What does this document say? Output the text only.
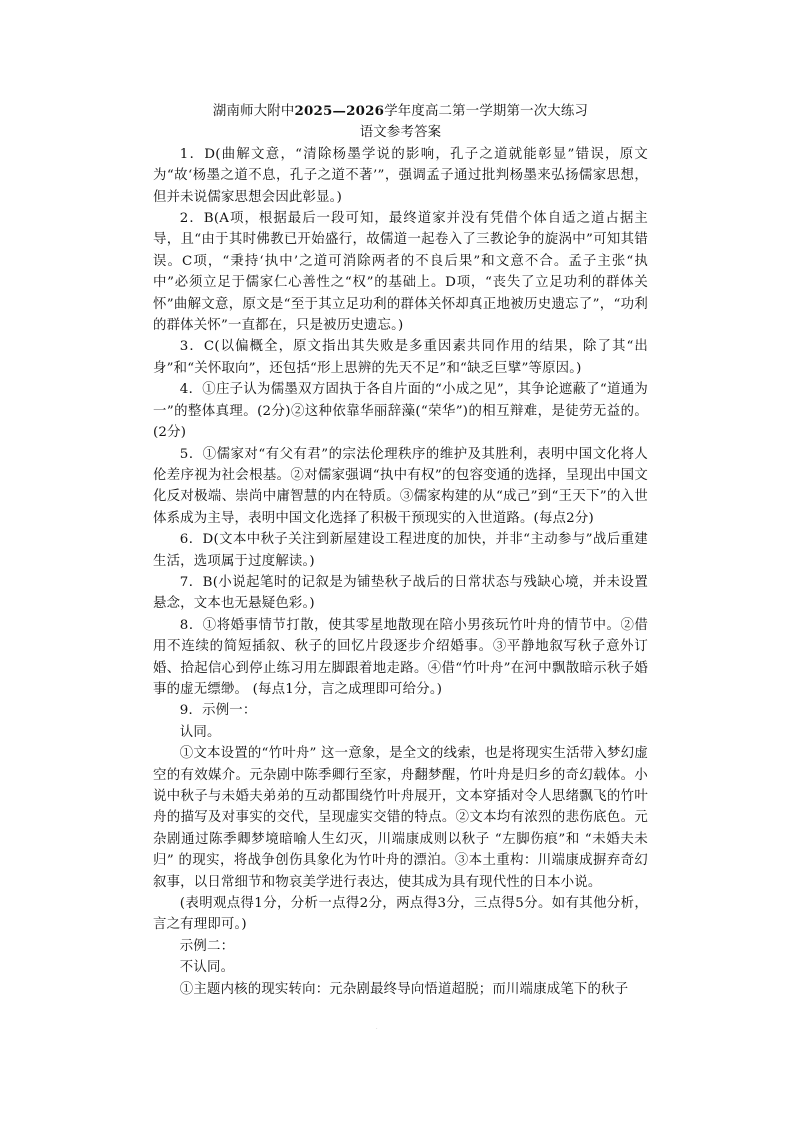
湖南师大附中2025—2026学年度高二第一学期第一次大练习

语文参考答案

1．D(曲解文意，“清除杨墨学说的影响，孔子之道就能彰显”错误，原文为“故‘杨墨之道不息，孔子之道不著’”，强调孟子通过批判杨墨来弘扬儒家思想，但并未说儒家思想会因此彰显。)

2．B(A项，根据最后一段可知，最终道家并没有凭借个体自适之道占据主导，且“由于其时佛教已开始盛行，故儒道一起卷入了三教论争的旋涡中”可知其错误。C项，“秉持‘执中’之道可消除两者的不良后果”和文意不合。孟子主张“执中”必须立足于儒家仁心善性之“权”的基础上。D项，“丧失了立足功利的群体关怀”曲解文意，原文是“至于其立足功利的群体关怀却真正地被历史遗忘了”，“功利的群体关怀”一直都在，只是被历史遗忘。)

3．C(以偏概全，原文指出其失败是多重因素共同作用的结果，除了其“出身”和“关怀取向”，还包括“形上思辨的先天不足”和“缺乏巨擘”等原因。)

4．①庄子认为儒墨双方固执于各自片面的“小成之见”，其争论遮蔽了“道通为一”的整体真理。(2分)②这种依靠华丽辞藻(“荣华”)的相互辩难，是徒劳无益的。(2分)

5．①儒家对“有父有君”的宗法伦理秩序的维护及其胜利，表明中国文化将人伦差序视为社会根基。②对儒家强调“执中有权”的包容变通的选择，呈现出中国文化反对极端、崇尚中庸智慧的内在特质。③儒家构建的从“成己”到“王天下”的入世体系成为主导，表明中国文化选择了积极干预现实的入世道路。(每点2分)

6．D(文本中秋子关注到新屋建设工程进度的加快，并非“主动参与”战后重建生活，选项属于过度解读。)

7．B(小说起笔时的记叙是为铺垫秋子战后的日常状态与残缺心境，并未设置悬念，文本也无悬疑色彩。)

8．①将婚事情节打散，使其零星地散现在陪小男孩玩竹叶舟的情节中。②借用不连续的简短插叙、秋子的回忆片段逐步介绍婚事。③平静地叙写秋子意外订婚、拾起信心到停止练习用左脚跟着地走路。④借“竹叶舟”在河中飘散暗示秋子婚事的虚无缥缈。 (每点1分，言之成理即可给分。)

9．示例一：

认同。

①文本设置的“竹叶舟” 这一意象，是全文的线索，也是将现实生活带入梦幻虚空的有效媒介。元杂剧中陈季卿行至家，舟翻梦醒，竹叶舟是归乡的奇幻载体。小说中秋子与未婚夫弟弟的互动都围绕竹叶舟展开，文本穿插对令人思绪飘飞的竹叶舟的描写及对事实的交代，呈现虚实交错的特点。②文本均有浓烈的悲伤底色。元杂剧通过陈季卿梦境暗喻人生幻灭，川端康成则以秋子 “左脚伤痕”和 “未婚夫未归” 的现实，将战争创伤具象化为竹叶舟的漂泊。③本土重构：川端康成摒弃奇幻叙事，以日常细节和物哀美学进行表达，使其成为具有现代性的日本小说。

(表明观点得1分，分析一点得2分，两点得3分，三点得5分。如有其他分析，言之有理即可。)

示例二：

不认同。

①主题内核的现实转向：元杂剧最终导向悟道超脱；而川端康成笔下的秋子

·
